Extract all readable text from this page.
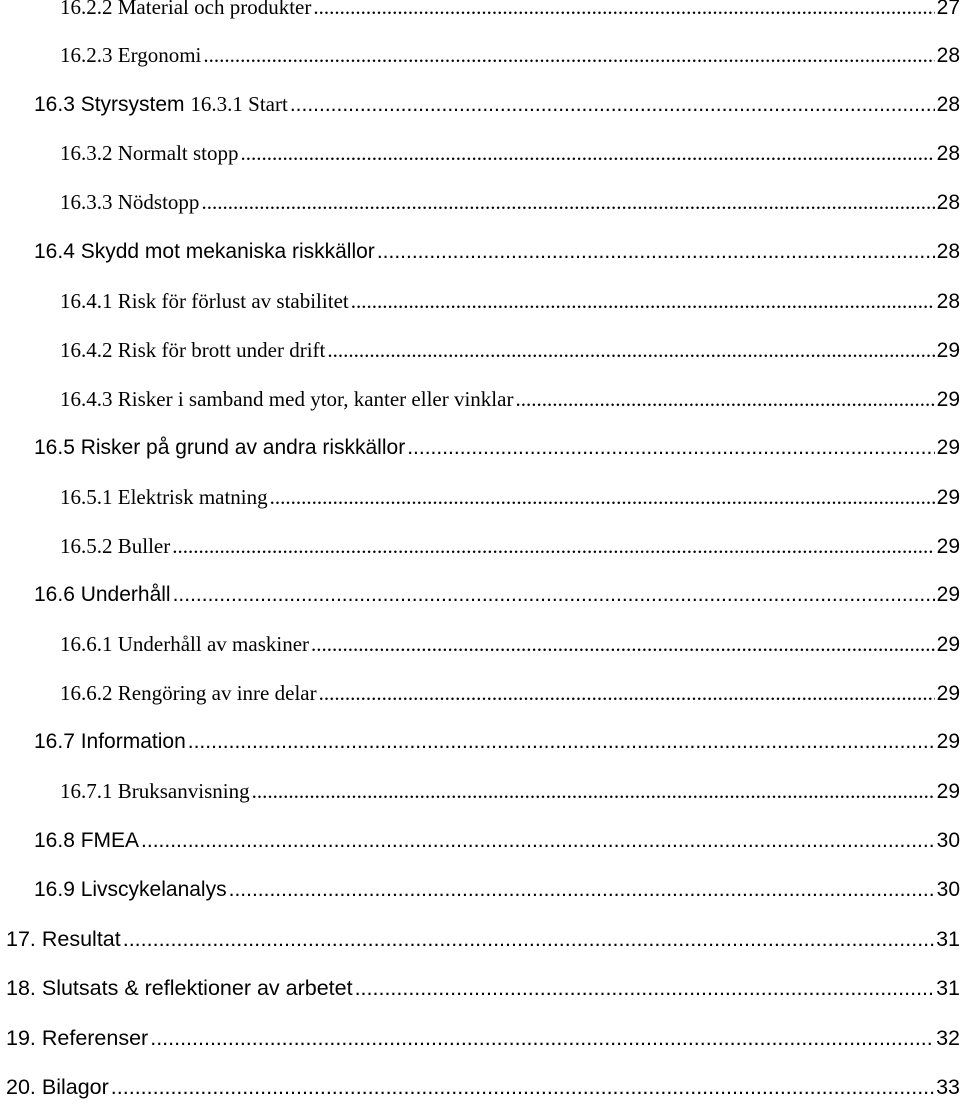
16.2.2 Material och produkter .....	27
16.2.3 Ergonomi .....	28
16.3 Styrsystem 16.3.1 Start .....	28
16.3.2 Normalt stopp .....	28
16.3.3 Nödstopp .....	28
16.4 Skydd mot mekaniska riskkällor .....	28
16.4.1 Risk för förlust av stabilitet .....	28
16.4.2 Risk för brott under drift .....	29
16.4.3 Risker i samband med ytor, kanter eller vinklar .....	29
16.5 Risker på grund av andra riskkällor .....	29
16.5.1 Elektrisk matning .....	29
16.5.2 Buller .....	29
16.6 Underhåll .....	29
16.6.1 Underhåll av maskiner .....	29
16.6.2 Rengöring av inre delar .....	29
16.7 Information .....	29
16.7.1 Bruksanvisning .....	29
16.8 FMEA .....	30
16.9 Livscykelanalys .....	30
17. Resultat .....	31
18. Slutsats & reflektioner av arbetet .....	31
19. Referenser .....	32
20. Bilagor .....	33
